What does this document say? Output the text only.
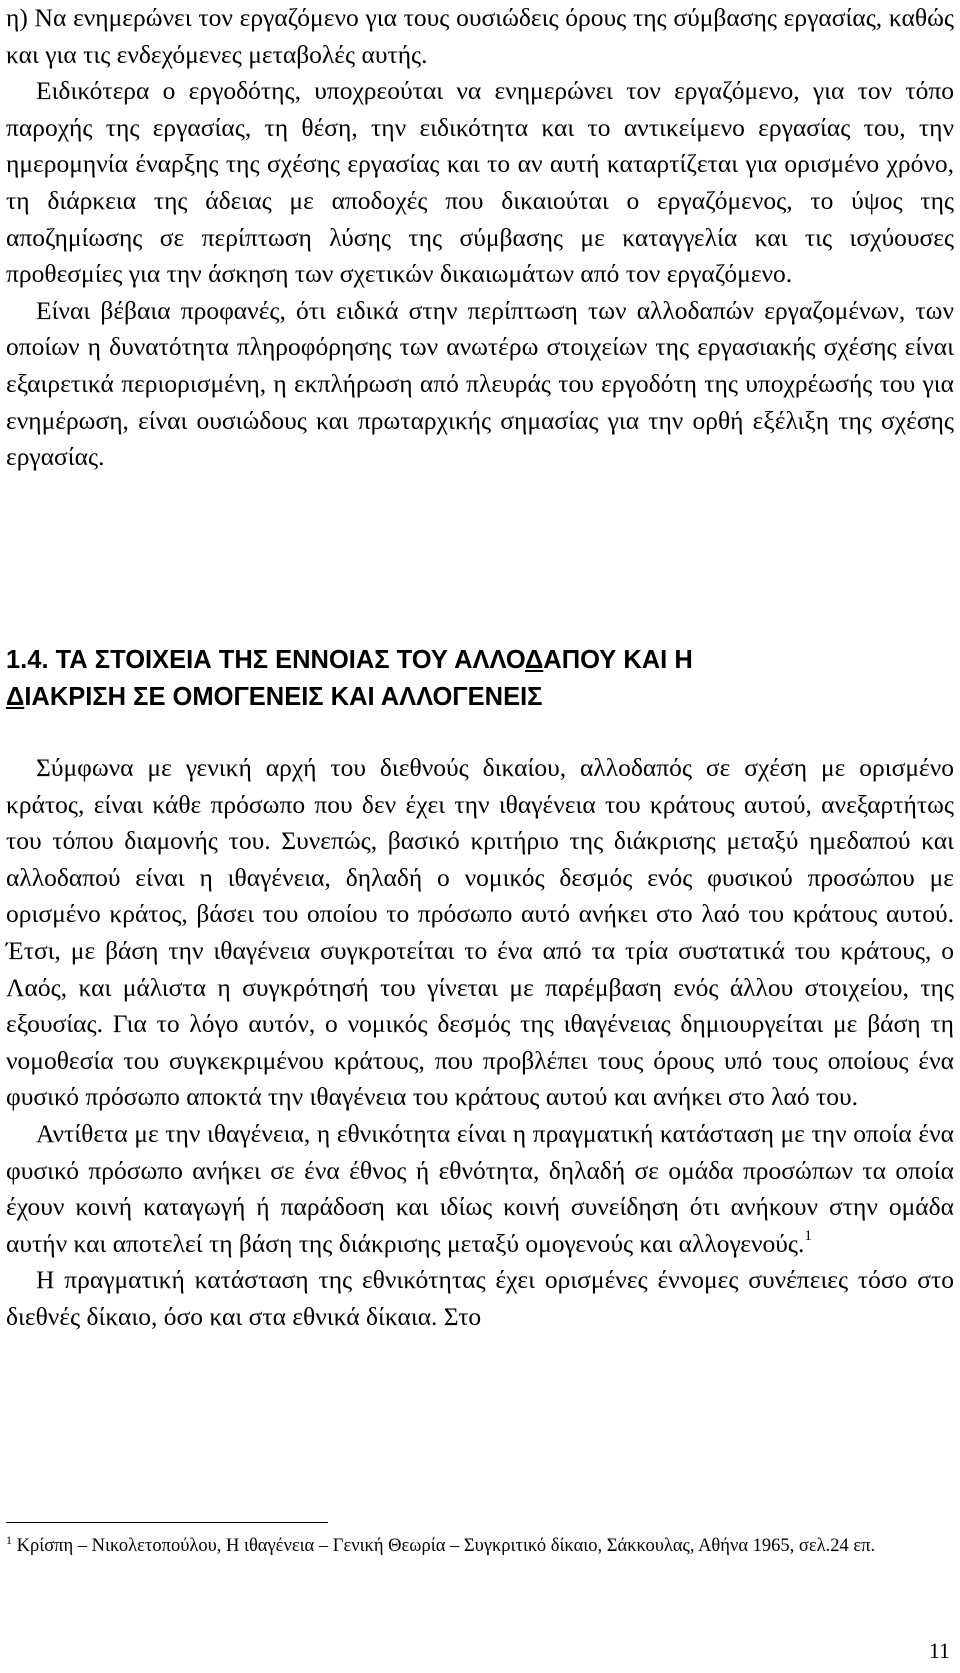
η) Να ενημερώνει τον εργαζόμενο για τους ουσιώδεις όρους της σύμβασης εργασίας, καθώς και για τις ενδεχόμενες μεταβολές αυτής.

Ειδικότερα ο εργοδότης, υποχρεούται να ενημερώνει τον εργαζόμενο, για τον τόπο παροχής της εργασίας, τη θέση, την ειδικότητα και το αντικείμενο εργασίας του, την ημερομηνία έναρξης της σχέσης εργασίας και το αν αυτή καταρτίζεται για ορισμένο χρόνο, τη διάρκεια της άδειας με αποδοχές που δικαιούται ο εργαζόμενος, το ύψος της αποζημίωσης σε περίπτωση λύσης της σύμβασης με καταγγελία και τις ισχύουσες προθεσμίες για την άσκηση των σχετικών δικαιωμάτων από τον εργαζόμενο.

Είναι βέβαια προφανές, ότι ειδικά στην περίπτωση των αλλοδαπών εργαζομένων, των οποίων η δυνατότητα πληροφόρησης των ανωτέρω στοιχείων της εργασιακής σχέσης είναι εξαιρετικά περιορισμένη, η εκπλήρωση από πλευράς του εργοδότη της υποχρέωσής του για ενημέρωση, είναι ουσιώδους και πρωταρχικής σημασίας για την ορθή εξέλιξη της σχέσης εργασίας.

1.4. ΤΑ ΣΤΟΙΧΕΙΑ ΤΗΣ ΕΝΝΟΙΑΣ ΤΟΥ ΑΛΛΟΔΑΠΟΥ ΚΑΙ Η
ΔΙΑΚΡΙΣΗ ΣΕ ΟΜΟΓΕΝΕΙΣ ΚΑΙ ΑΛΛΟΓΕΝΕΙΣ

Σύμφωνα με γενική αρχή του διεθνούς δικαίου, αλλοδαπός σε σχέση με ορισμένο κράτος, είναι κάθε πρόσωπο που δεν έχει την ιθαγένεια του κράτους αυτού, ανεξαρτήτως του τόπου διαμονής του. Συνεπώς, βασικό κριτήριο της διάκρισης μεταξύ ημεδαπού και αλλοδαπού είναι η ιθαγένεια, δηλαδή ο νομικός δεσμός ενός φυσικού προσώπου με ορισμένο κράτος, βάσει του οποίου το πρόσωπο αυτό ανήκει στο λαό του κράτους αυτού. Έτσι, με βάση την ιθαγένεια συγκροτείται το ένα από τα τρία συστατικά του κράτους, ο Λαός, και μάλιστα η συγκρότησή του γίνεται με παρέμβαση ενός άλλου στοιχείου, της εξουσίας. Για το λόγο αυτόν, ο νομικός δεσμός της ιθαγένειας δημιουργείται με βάση τη νομοθεσία του συγκεκριμένου κράτους, που προβλέπει τους όρους υπό τους οποίους ένα φυσικό πρόσωπο αποκτά την ιθαγένεια του κράτους αυτού και ανήκει στο λαό του.

Αντίθετα με την ιθαγένεια, η εθνικότητα είναι η πραγματική κατάσταση με την οποία ένα φυσικό πρόσωπο ανήκει σε ένα έθνος ή εθνότητα, δηλαδή σε ομάδα προσώπων τα οποία έχουν κοινή καταγωγή ή παράδοση και ιδίως κοινή συνείδηση ότι ανήκουν στην ομάδα αυτήν και αποτελεί τη βάση της διάκρισης μεταξύ ομογενούς και αλλογενούς.$^1$

Η πραγματική κατάσταση της εθνικότητας έχει ορισμένες έννομες συνέπειες τόσο στο διεθνές δίκαιο, όσο και στα εθνικά δίκαια. Στο

$^1$ Κρίσπη – Νικολετοπούλου, Η ιθαγένεια – Γενική Θεωρία – Συγκριτικό δίκαιο, Σάκκουλας, Αθήνα 1965, σελ.24 επ.
11
